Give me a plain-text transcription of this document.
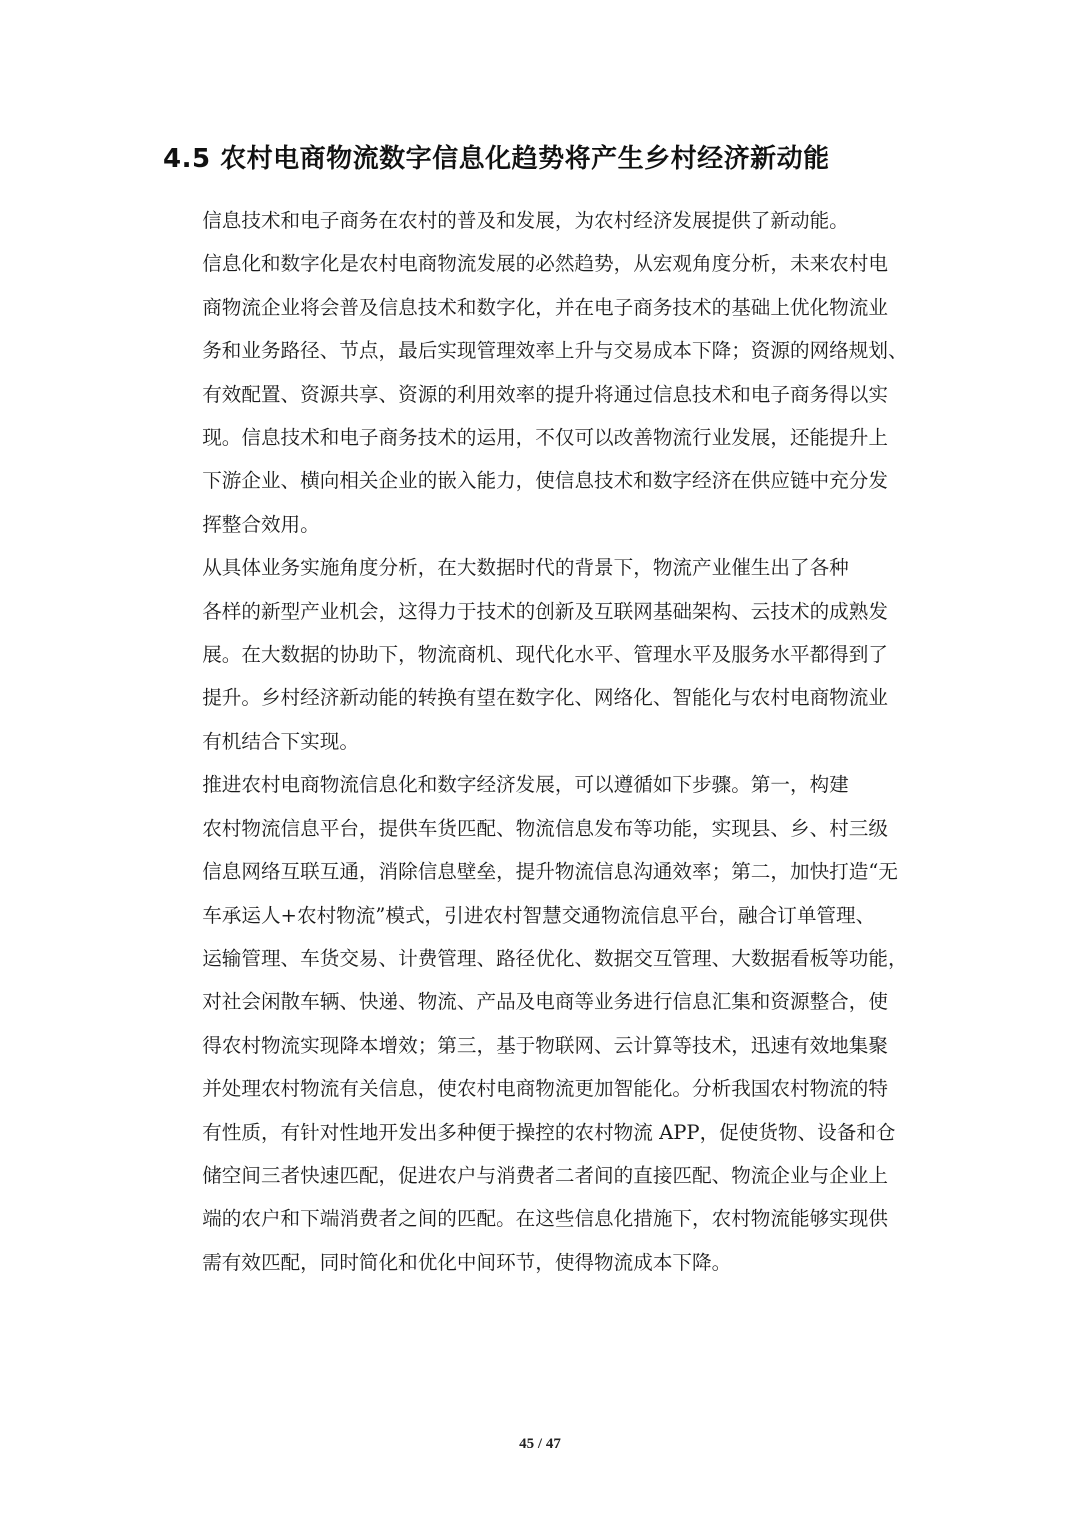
4.5 农村电商物流数字信息化趋势将产生乡村经济新动能

信息技术和电子商务在农村的普及和发展，为农村经济发展提供了新动能。
信息化和数字化是农村电商物流发展的必然趋势，从宏观角度分析，未来农村电
商物流企业将会普及信息技术和数字化，并在电子商务技术的基础上优化物流业
务和业务路径、节点，最后实现管理效率上升与交易成本下降；资源的网络规划、
有效配置、资源共享、资源的利用效率的提升将通过信息技术和电子商务得以实
现。信息技术和电子商务技术的运用，不仅可以改善物流行业发展，还能提升上
下游企业、横向相关企业的嵌入能力，使信息技术和数字经济在供应链中充分发
挥整合效用。

从具体业务实施角度分析，在大数据时代的背景下，物流产业催生出了各种
各样的新型产业机会，这得力于技术的创新及互联网基础架构、云技术的成熟发
展。在大数据的协助下，物流商机、现代化水平、管理水平及服务水平都得到了
提升。乡村经济新动能的转换有望在数字化、网络化、智能化与农村电商物流业
有机结合下实现。

推进农村电商物流信息化和数字经济发展，可以遵循如下步骤。第一，构建
农村物流信息平台，提供车货匹配、物流信息发布等功能，实现县、乡、村三级
信息网络互联互通，消除信息壁垒，提升物流信息沟通效率；第二，加快打造“无
车承运人+农村物流”模式，引进农村智慧交通物流信息平台，融合订单管理、
运输管理、车货交易、计费管理、路径优化、数据交互管理、大数据看板等功能，
对社会闲散车辆、快递、物流、产品及电商等业务进行信息汇集和资源整合，使
得农村物流实现降本增效；第三，基于物联网、云计算等技术，迅速有效地集聚
并处理农村物流有关信息，使农村电商物流更加智能化。分析我国农村物流的特
有性质，有针对性地开发出多种便于操控的农村物流 APP，促使货物、设备和仓
储空间三者快速匹配，促进农户与消费者二者间的直接匹配、物流企业与企业上
端的农户和下端消费者之间的匹配。在这些信息化措施下，农村物流能够实现供
需有效匹配，同时简化和优化中间环节，使得物流成本下降。

45 / 47
